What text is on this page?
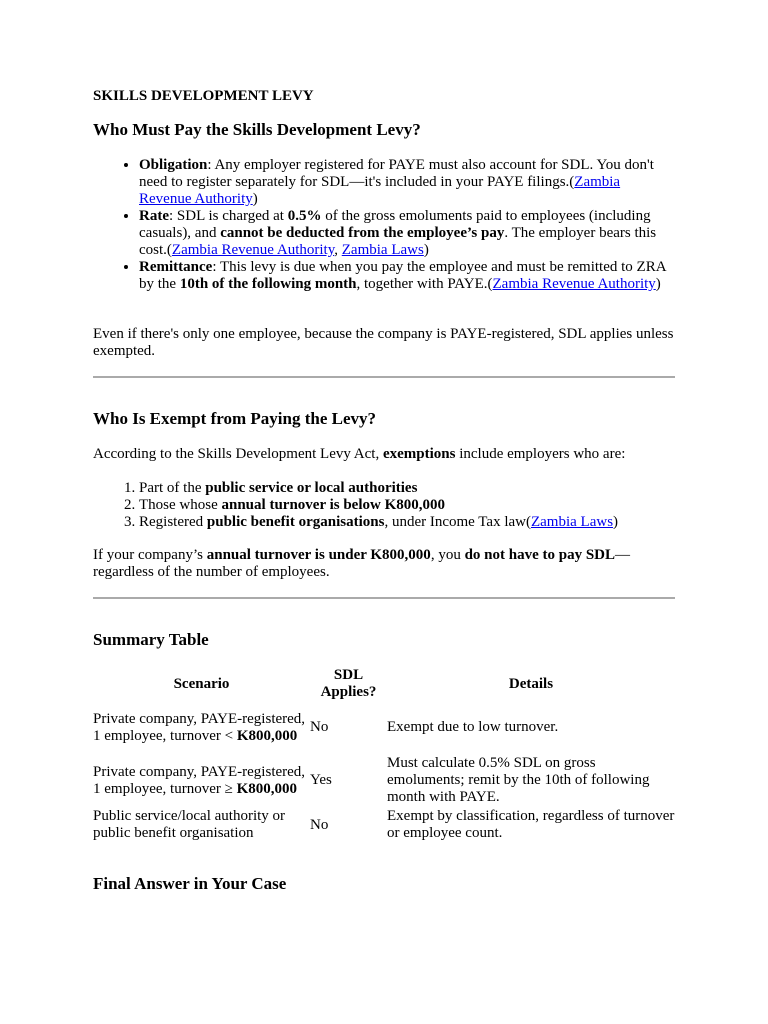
SKILLS DEVELOPMENT LEVY

Who Must Pay the Skills Development Levy?
• Obligation: Any employer registered for PAYE must also account for SDL. You don't need to register separately for SDL—it's included in your PAYE filings.(Zambia Revenue Authority)
• Rate: SDL is charged at 0.5% of the gross emoluments paid to employees (including casuals), and cannot be deducted from the employee’s pay. The employer bears this cost.(Zambia Revenue Authority, Zambia Laws)
• Remittance: This levy is due when you pay the employee and must be remitted to ZRA by the 10th of the following month, together with PAYE.(Zambia Revenue Authority)

Even if there's only one employee, because the company is PAYE-registered, SDL applies unless exempted.

Who Is Exempt from Paying the Levy?

According to the Skills Development Levy Act, exemptions include employers who are:

1. Part of the public service or local authorities
2. Those whose annual turnover is below K800,000
3. Registered public benefit organisations, under Income Tax law(Zambia Laws)

If your company’s annual turnover is under K800,000, you do not have to pay SDL— regardless of the number of employees.

Summary Table
Scenario	SDL Applies?	Details
Private company, PAYE-registered, 1 employee, turnover < K800,000	No	Exempt due to low turnover.
Private company, PAYE-registered, 1 employee, turnover ≥ K800,000	Yes	Must calculate 0.5% SDL on gross emoluments; remit by the 10th of following month with PAYE.
Public service/local authority or public benefit organisation	No	Exempt by classification, regardless of turnover or employee count.
Final Answer in Your Case
